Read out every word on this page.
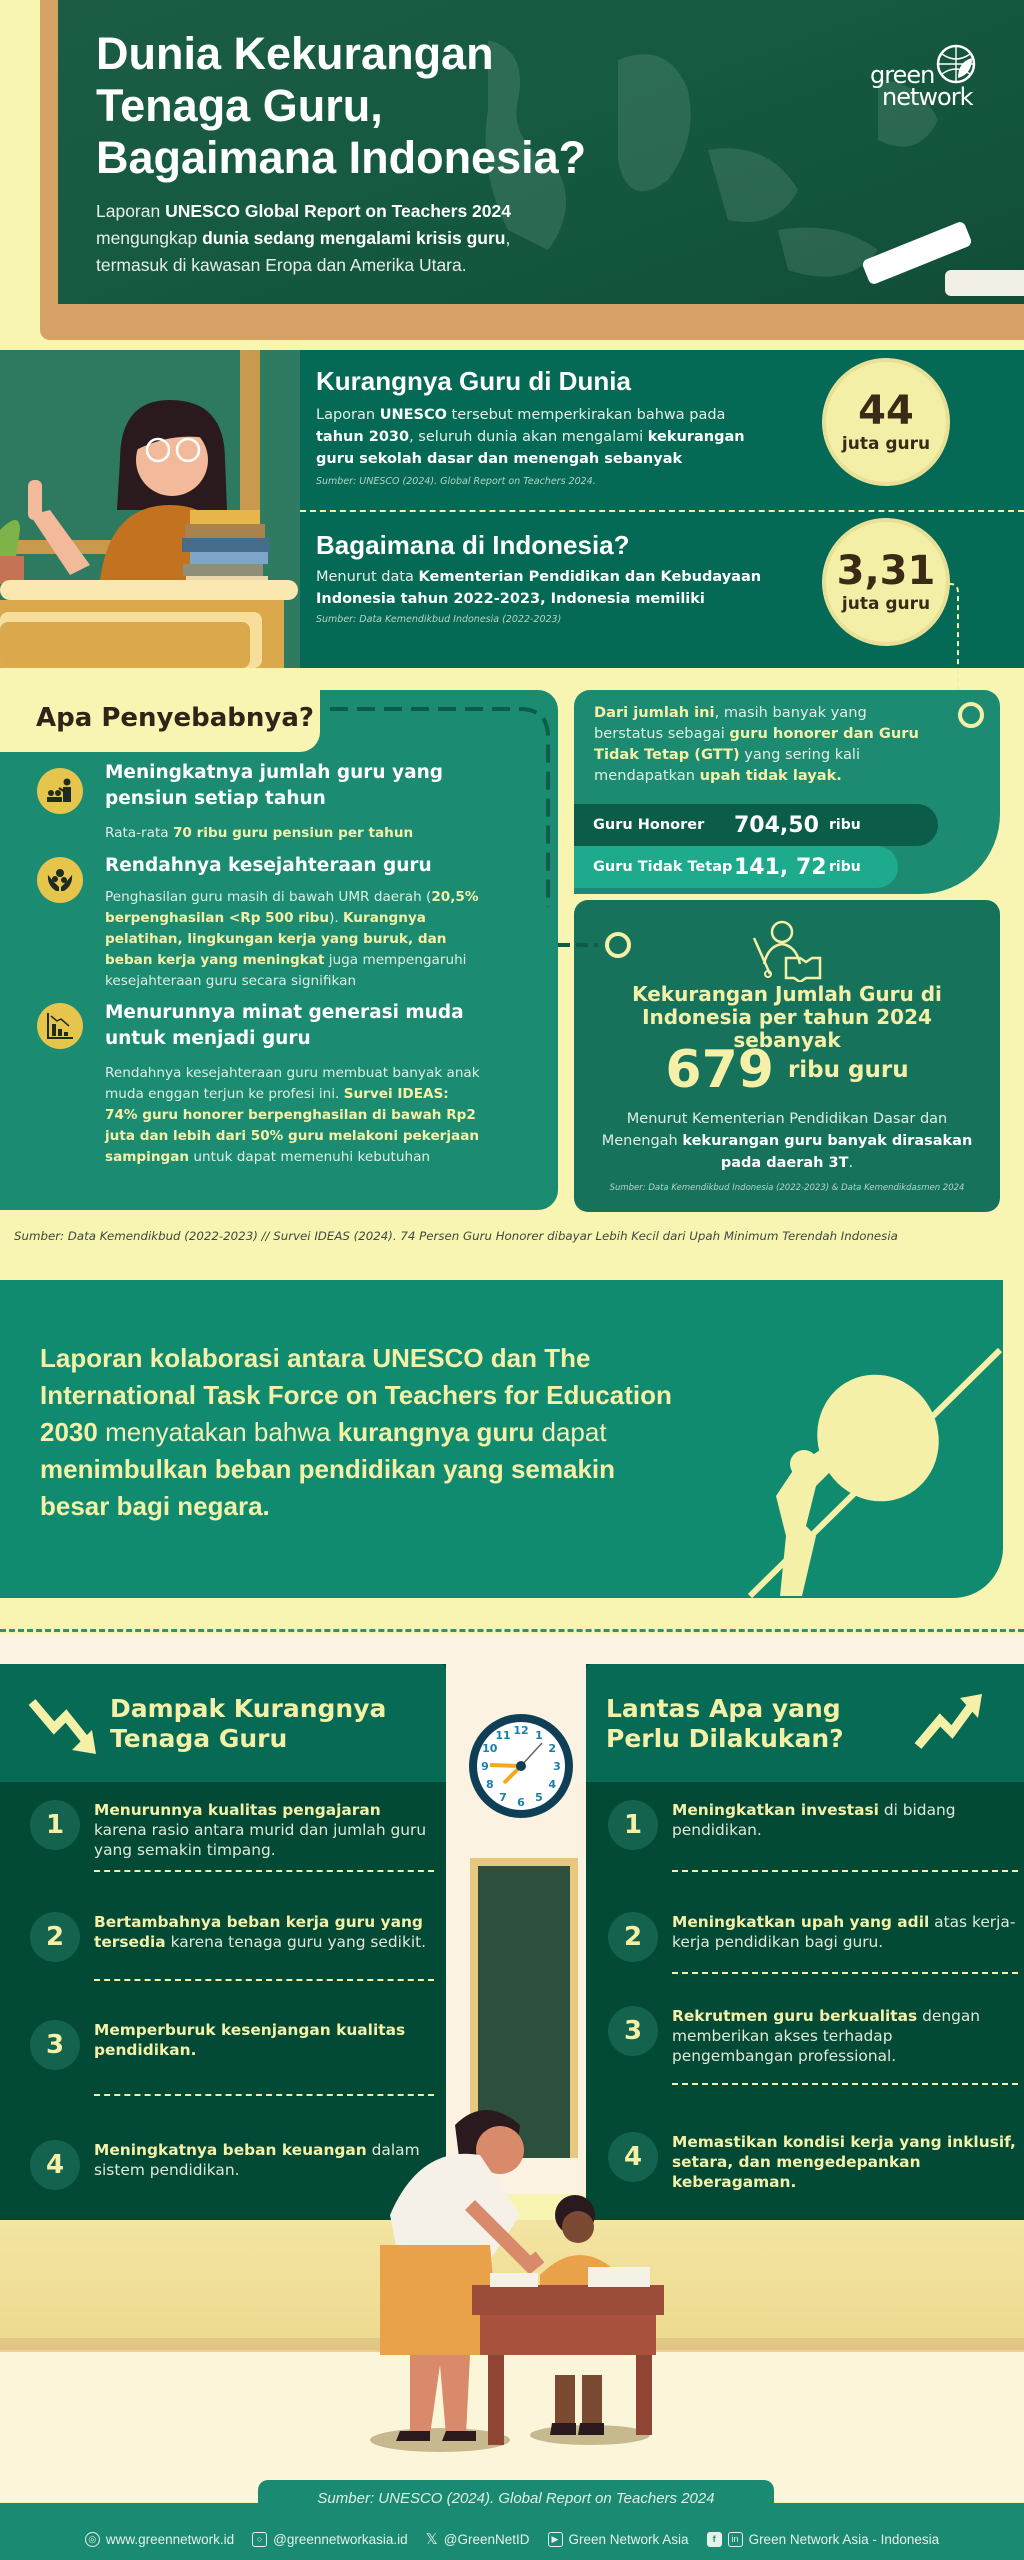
Dunia Kekurangan
Tenaga Guru,
Bagaimana Indonesia?
Laporan UNESCO Global Report on Teachers 2024
mengungkap dunia sedang mengalami krisis guru,
termasuk di kawasan Eropa dan Amerika Utara.
green
network
Kurangnya Guru di Dunia
Laporan UNESCO tersebut memperkirakan bahwa pada
tahun 2030, seluruh dunia akan mengalami kekurangan
guru sekolah dasar dan menengah sebanyak
Sumber: UNESCO (2024). Global Report on Teachers 2024.
44
juta guru
Bagaimana di Indonesia?
Menurut data Kementerian Pendidikan dan Kebudayaan
Indonesia tahun 2022-2023, Indonesia memiliki
Sumber: Data Kemendikbud Indonesia (2022-2023)
3,31
juta guru
Apa Penyebabnya?
Meningkatnya jumlah guru yang pensiun setiap tahun
Rata-rata 70 ribu guru pensiun per tahun
Rendahnya kesejahteraan guru
Penghasilan guru masih di bawah UMR daerah (20,5% berpenghasilan <Rp 500 ribu). Kurangnya pelatihan, lingkungan kerja yang buruk, dan beban kerja yang meningkat juga mempengaruhi kesejahteraan guru secara signifikan
Menurunnya minat generasi muda untuk menjadi guru
Rendahnya kesejahteraan guru membuat banyak anak muda enggan terjun ke profesi ini. Survei IDEAS: 74% guru honorer berpenghasilan di bawah Rp2 juta dan lebih dari 50% guru melakoni pekerjaan sampingan untuk dapat memenuhi kebutuhan
Sumber: Data Kemendikbud (2022-2023) // Survei IDEAS (2024). 74 Persen Guru Honorer dibayar Lebih Kecil dari Upah Minimum Terendah Indonesia
Dari jumlah ini, masih banyak yang berstatus sebagai guru honorer dan Guru Tidak Tetap (GTT) yang sering kali mendapatkan upah tidak layak.
Guru Honorer	704,50 ribu
Guru Tidak Tetap 141, 72 ribu
Kekurangan Jumlah Guru di Indonesia per tahun 2024 sebanyak
679 ribu guru
Menurut Kementerian Pendidikan Dasar dan Menengah kekurangan guru banyak dirasakan pada daerah 3T.
Sumber: Data Kemendikbud Indonesia (2022-2023) & Data Kemendikdasmen 2024
Laporan kolaborasi antara UNESCO dan The International Task Force on Teachers for Education 2030 menyatakan bahwa kurangnya guru dapat menimbulkan beban pendidikan yang semakin besar bagi negara.
Dampak Kurangnya Tenaga Guru
Lantas Apa yang Perlu Dilakukan?
1	Menurunnya kualitas pengajaran karena rasio antara murid dan jumlah guru yang semakin timpang.
2	Bertambahnya beban kerja guru yang tersedia karena tenaga guru yang sedikit.
3	Memperburuk kesenjangan kualitas pendidikan.
4	Meningkatnya beban keuangan dalam sistem pendidikan.
1	Meningkatkan investasi di bidang pendidikan.
2	Meningkatkan upah yang adil atas kerja-kerja pendidikan bagi guru.
3	Rekrutmen guru berkualitas dengan memberikan akses terhadap pengembangan professional.
4	Memastikan kondisi kerja yang inklusif, setara, dan mengedepankan keberagaman.
12 1
2
3
4
5
6
7
8
9
10
11
Sumber: UNESCO (2024). Global Report on Teachers 2024
◎ www.greennetwork.id	○ @greennetworkasia.id 𝕏 @GreenNetID	▶ Green Network Asia	f	in Green Network Asia - Indonesia
